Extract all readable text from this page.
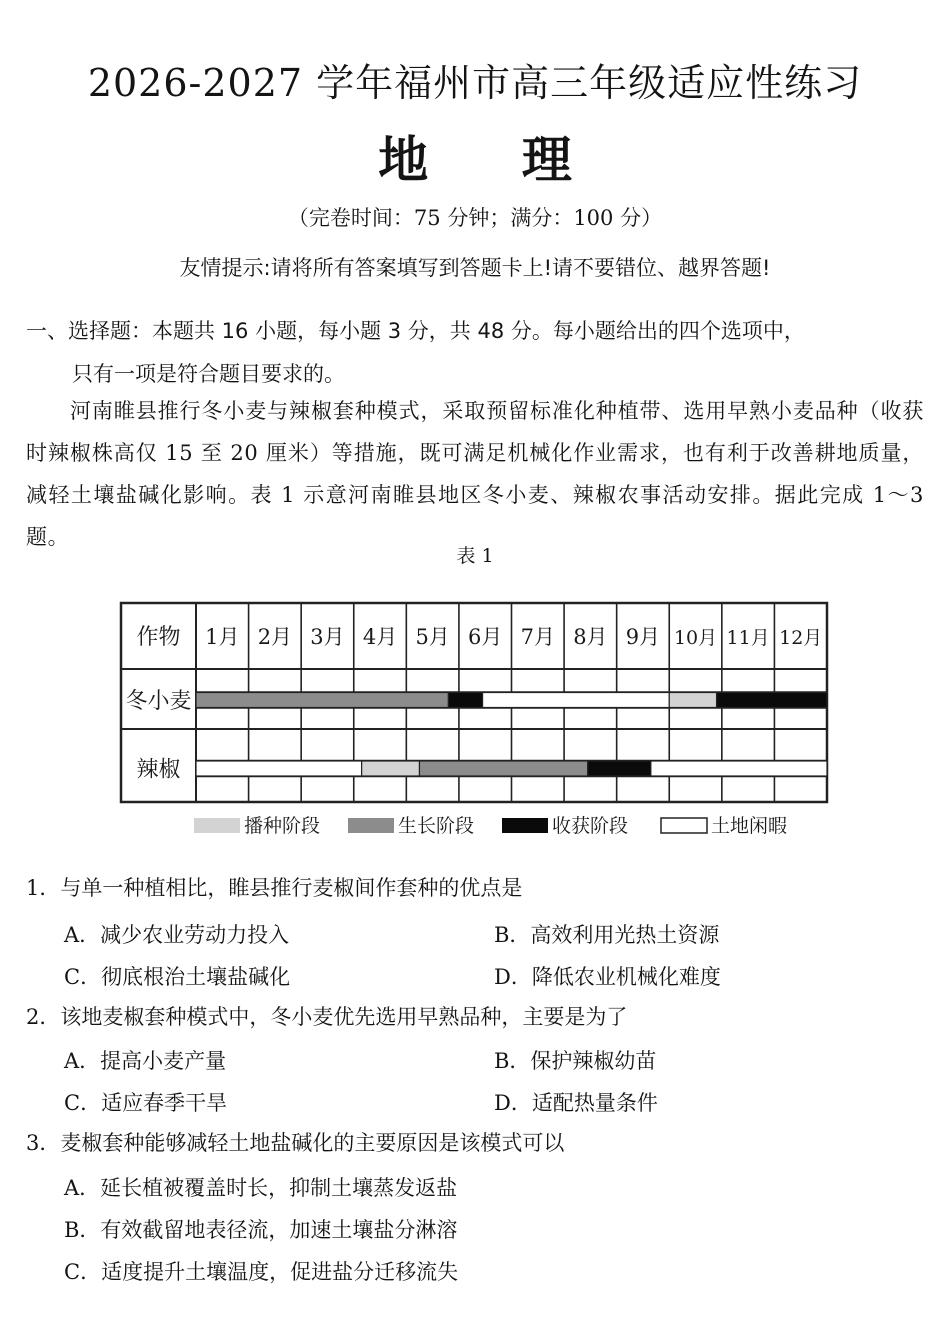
2026-2027 学年福州市高三年级适应性练习
地 理
（完卷时间：75 分钟；满分：100 分）
友情提示:请将所有答案填写到答题卡上!请不要错位、越界答题!
一、选择题：本题共 16 小题，每小题 3 分，共 48 分。每小题给出的四个选项中，
只有一项是符合题目要求的。
河南睢县推行冬小麦与辣椒套种模式，采取预留标准化种植带、选用早熟小麦品种（收获时辣椒株高仅 15 至 20 厘米）等措施，既可满足机械化作业需求，也有利于改善耕地质量，减轻土壤盐碱化影响。表 1 示意河南睢县地区冬小麦、辣椒农事活动安排。据此完成 1～3 题。
表 1
冬小麦
辣椒
作物 1月 2月 3月 4月 5月 6月 7月 8月 9月 10月 11月 12月
播种阶段	生长阶段	收获阶段	土地闲暇
1．与单一种植相比，睢县推行麦椒间作套种的优点是
A．减少农业劳动力投入	B．高效利用光热土资源
C．彻底根治土壤盐碱化	D．降低农业机械化难度
2．该地麦椒套种模式中，冬小麦优先选用早熟品种，主要是为了
A．提高小麦产量	B．保护辣椒幼苗
C．适应春季干旱	D．适配热量条件
3．麦椒套种能够减轻土地盐碱化的主要原因是该模式可以
A．延长植被覆盖时长，抑制土壤蒸发返盐
B．有效截留地表径流，加速土壤盐分淋溶
C．适度提升土壤温度，促进盐分迁移流失
